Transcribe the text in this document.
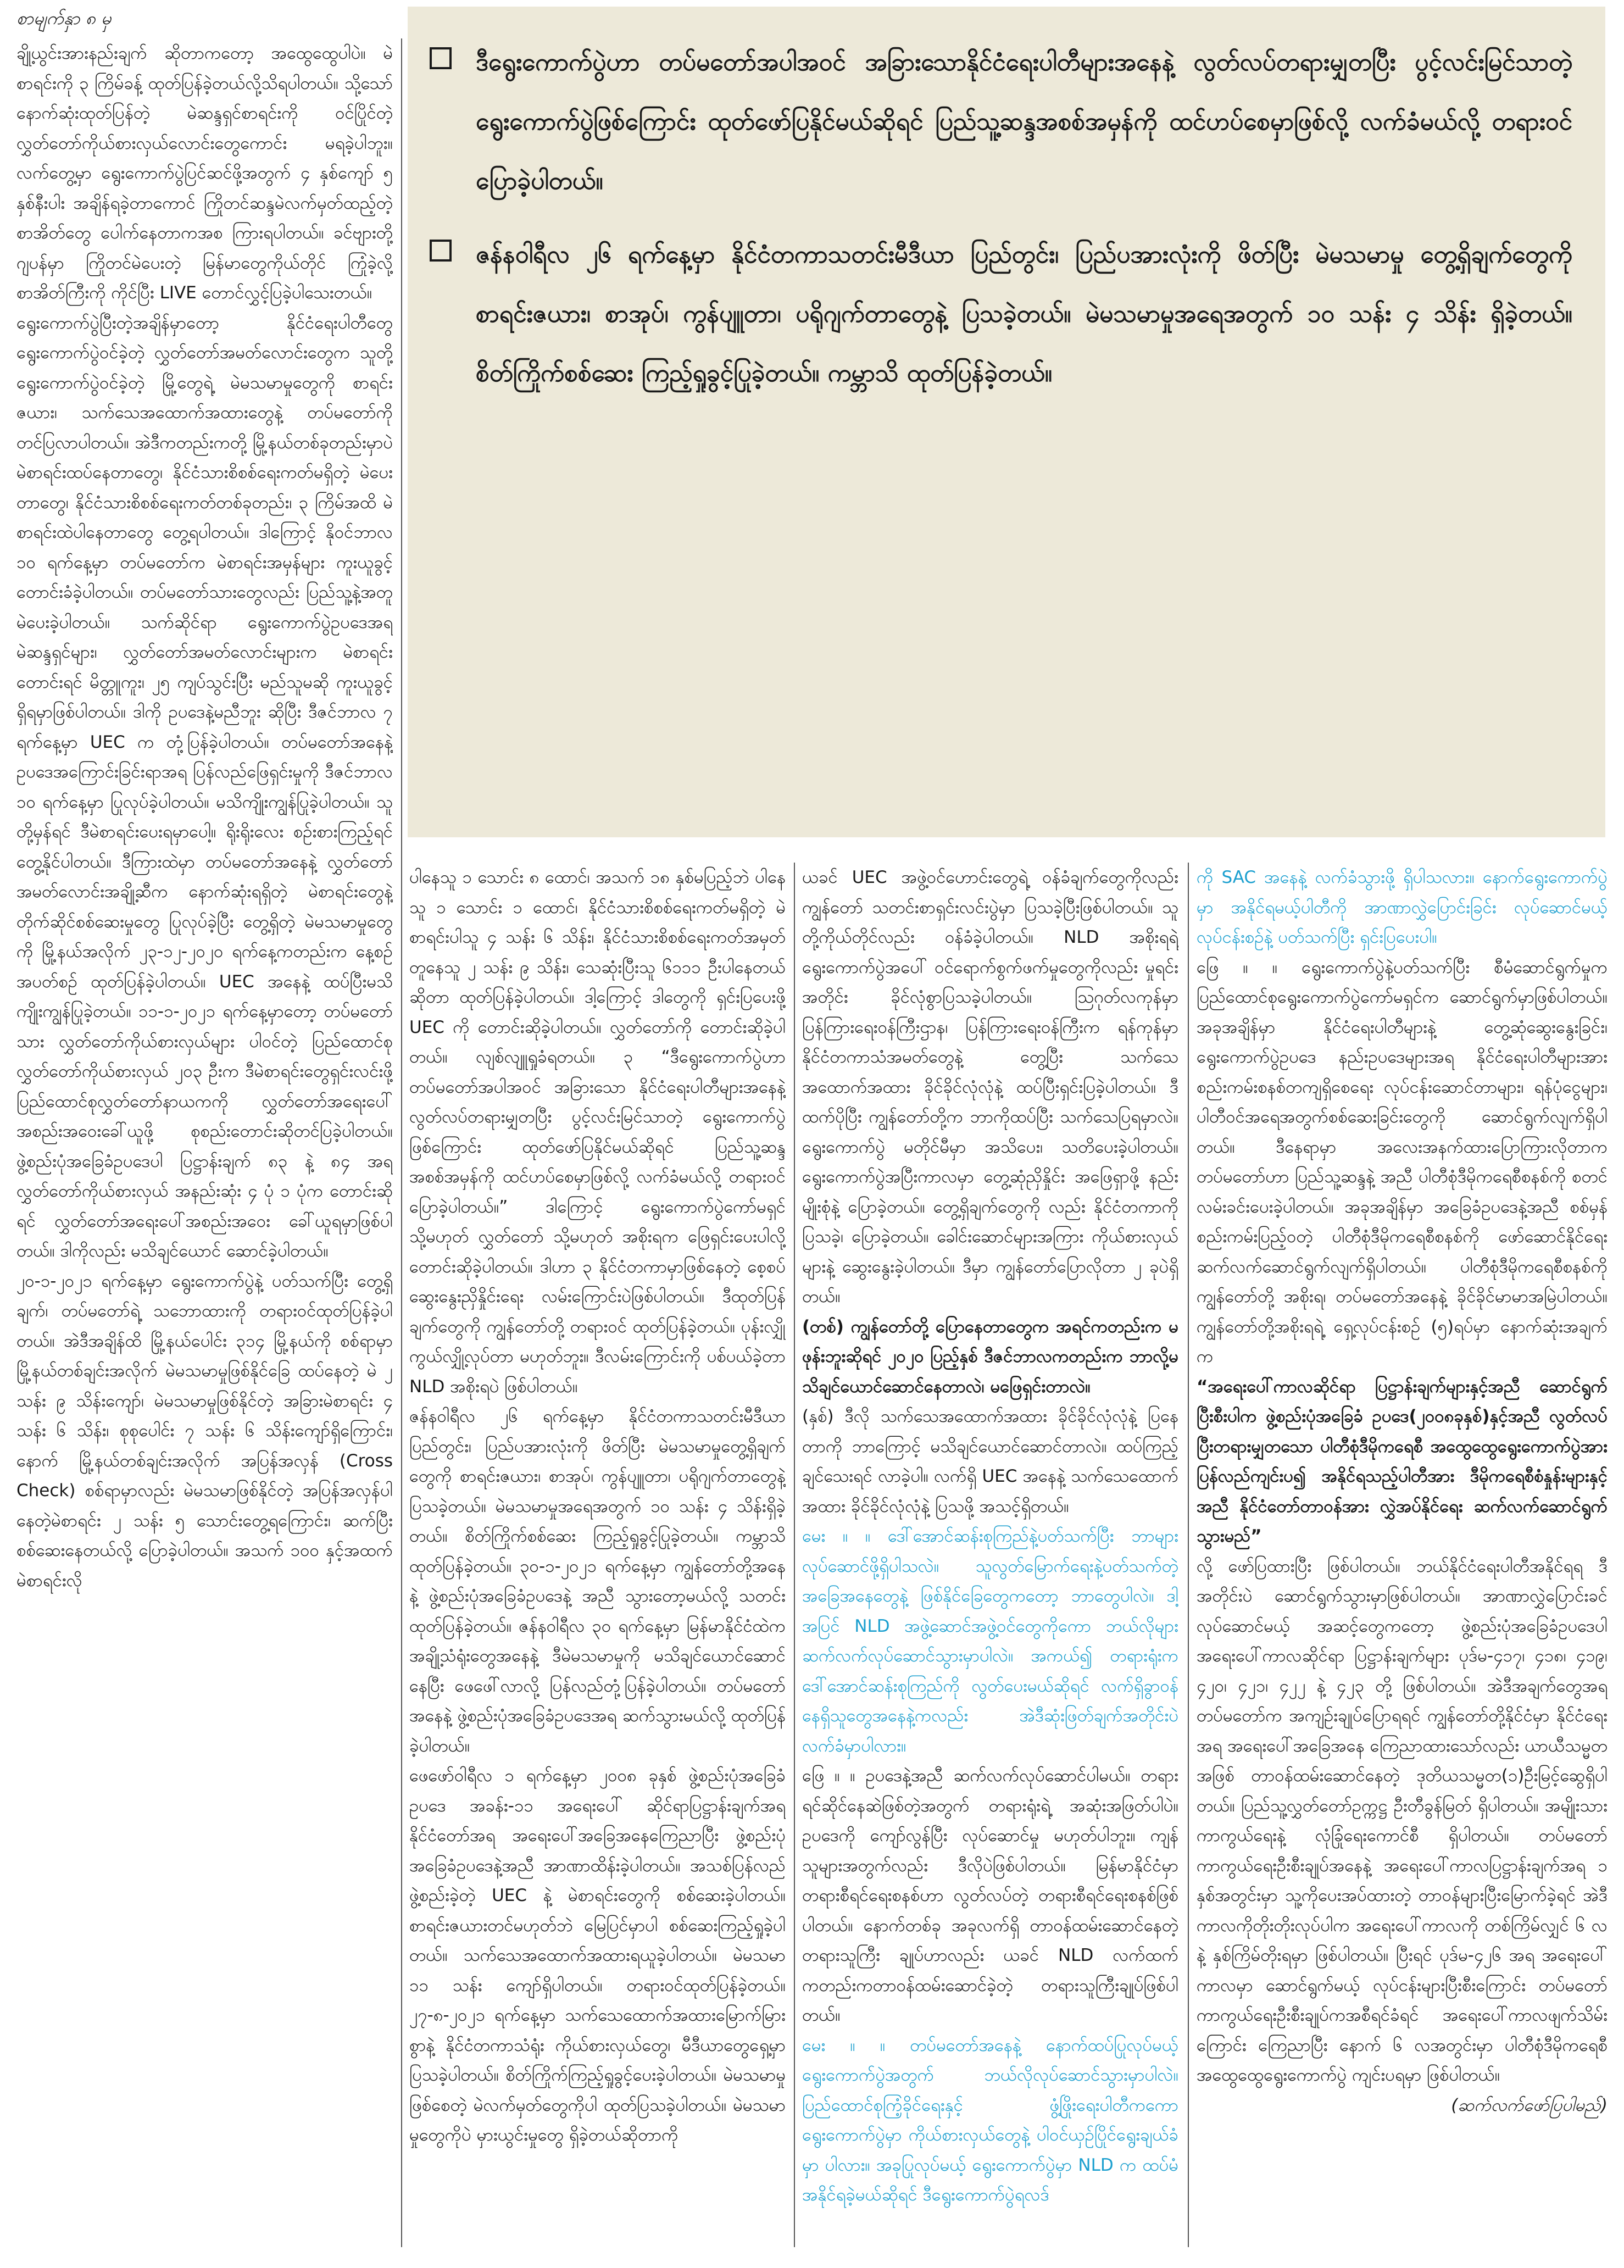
စာမျက်နှာ ၈ မှ
ဒီရွေးကောက်ပွဲဟာ တပ်မတော်အပါအဝင် အခြားသောနိုင်ငံရေးပါတီများအနေနဲ့ လွတ်လပ်တရားမျှတပြီး ပွင့်လင်းမြင်သာတဲ့ ရွေးကောက်ပွဲဖြစ်ကြောင်း ထုတ်ဖော်ပြနိုင်မယ်ဆိုရင် ပြည်သူ့ဆန္ဒအစစ်အမှန်ကို ထင်ဟပ်စေမှာဖြစ်လို့ လက်ခံမယ်လို့ တရားဝင်ပြောခဲ့ပါတယ်။
ဇန်နဝါရီလ ၂၆ ရက်နေ့မှာ နိုင်ငံတကာသတင်းမီဒီယာ ပြည်တွင်း၊ ပြည်ပအားလုံးကို ဖိတ်ပြီး မဲမသမာမှု တွေ့ရှိချက်တွေကို စာရင်းဇယား၊ စာအုပ်၊ ကွန်ပျူတာ၊ ပရိုဂျက်တာတွေနဲ့ ပြသခဲ့တယ်။ မဲမသမာမှုအရေအတွက် ၁၀ သန်း ၄ သိန်း ရှိခဲ့တယ်။ စိတ်ကြိုက်စစ်ဆေး ကြည့်ရှုခွင့်ပြုခဲ့တယ်။ ကမ္ဘာသိ ထုတ်ပြန်ခဲ့တယ်။

ချို့ယွင်းအားနည်းချက် ဆိုတာကတော့ အထွေထွေပါပဲ။ မဲစာရင်းကို ၃ ကြိမ်ခန့် ထုတ်ပြန်ခဲ့တယ်လို့သိရပါတယ်။ သို့သော်နောက်ဆုံးထုတ်ပြန်တဲ့ မဲဆန္ဒရှင်စာရင်းကို ဝင်ပြိုင်တဲ့ လွှတ်တော်ကိုယ်စားလှယ်လောင်းတွေကောင်း မရခဲ့ပါဘူး။ လက်တွေ့မှာ ရွေးကောက်ပွဲပြင်ဆင်ဖို့အတွက် ၄ နှစ်ကျော် ၅ နှစ်နီးပါး အချိန်ရခဲ့တာကောင် ကြိုတင်ဆန္ဒမဲလက်မှတ်ထည့်တဲ့ စာအိတ်တွေ ပေါက်နေတာကအစ ကြားရပါတယ်။ ခင်ဗျားတို့ ဂျပန်မှာ ကြိုတင်မဲပေးတဲ့ မြန်မာတွေကိုယ်တိုင် ကြုံခဲ့လို့ စာအိတ်ကြီးကို ကိုင်ပြီး LIVE တောင်လွှင့်ပြခဲ့ပါသေးတယ်။

ရွေးကောက်ပွဲပြီးတဲ့အချိန်မှာတော့ နိုင်ငံရေးပါတီတွေ ရွေးကောက်ပွဲဝင်ခဲ့တဲ့ လွှတ်တော်အမတ်လောင်းတွေက သူတို့ရွေးကောက်ပွဲဝင်ခဲ့တဲ့ မြို့တွေရဲ့ မဲမသမာမှုတွေကို စာရင်းဇယား၊ သက်သေအထောက်အထားတွေနဲ့ တပ်မတော်ကို တင်ပြလာပါတယ်။ အဲဒီကတည်းကတို့ မြို့နယ်တစ်ခုတည်းမှာပဲ မဲစာရင်းထပ်နေတာတွေ၊ နိုင်ငံသားစိစစ်ရေးကတ်မရှိတဲ့ မဲပေးတာတွေ၊ နိုင်ငံသားစိစစ်ရေးကတ်တစ်ခုတည်း၊ ၃ ကြိမ်အထိ မဲစာရင်းထဲပါနေတာတွေ တွေ့ရပါတယ်။ ဒါကြောင့် နိုဝင်ဘာလ ၁၀ ရက်နေ့မှာ တပ်မတော်က မဲစာရင်းအမှန်များ ကူးယူခွင့် တောင်းခံခဲ့ပါတယ်။ တပ်မတော်သားတွေလည်း ပြည်သူ့နဲ့အတူ မဲပေးခဲ့ပါတယ်။ သက်ဆိုင်ရာ ရွေးကောက်ပွဲဥပဒေအရ မဲဆန္ဒရှင်များ၊ လွှတ်တော်အမတ်လောင်းများက မဲစာရင်း တောင်းရင် မိတ္တူကူး၊ ၂၅ ကျပ်သွင်းပြီး မည်သူမဆို ကူးယူခွင့်ရှိရမှာဖြစ်ပါတယ်။ ဒါကို ဥပဒေနဲ့မညီဘူး ဆိုပြီး ဒီဇင်ဘာလ ၇ ရက်နေ့မှာ UEC က တုံ့ပြန်ခဲ့ပါတယ်။ တပ်မတော်အနေနဲ့ ဥပဒေအကြောင်းခြင်းရာအရ ပြန်လည်ဖြေရှင်းမှုကို ဒီဇင်ဘာလ ၁၀ ရက်နေ့မှာ ပြုလုပ်ခဲ့ပါတယ်။ မသိကျိုးကျွန်ပြုခဲ့ပါတယ်။ သူတို့မှန်ရင် ဒီမဲစာရင်းပေးရမှာပေါ့။ ရိုးရိုးလေး စဉ်းစားကြည့်ရင် တွေ့နိုင်ပါတယ်။ ဒီကြားထဲမှာ တပ်မတော်အနေနဲ့ လွှတ်တော်အမတ်လောင်းအချို့ဆီက နောက်ဆုံးရရှိတဲ့ မဲစာရင်းတွေနဲ့ တိုက်ဆိုင်စစ်ဆေးမှုတွေ ပြုလုပ်ခဲ့ပြီး တွေ့ရှိတဲ့ မဲမသမာမှုတွေကို မြို့နယ်အလိုက် ၂၃-၁၂-၂၀၂၀ ရက်နေ့ကတည်းက နေ့စဉ် အပတ်စဉ် ထုတ်ပြန်ခဲ့ပါတယ်။ UEC အနေနဲ့ ထပ်ပြီးမသိကျိုးကျွန်ပြုခဲ့တယ်။ ၁၁-၁-၂၀၂၁ ရက်နေ့မှာတော့ တပ်မတော်သား လွှတ်တော်ကိုယ်စားလှယ်များ ပါဝင်တဲ့ ပြည်ထောင်စုလွှတ်တော်ကိုယ်စားလှယ် ၂၀၃ ဦးက ဒီမဲစာရင်းတွေရှင်းလင်းဖို့ ပြည်ထောင်စုလွှတ်တော်နာယကကို လွှတ်တော်အရေးပေါ်အစည်းအဝေးခေါ်ယူဖို့ စုစည်းတောင်းဆိုတင်ပြခဲ့ပါတယ်။ ဖွဲ့စည်းပုံအခြေခံဥပဒေပါ ပြဋ္ဌာန်းချက် ၈၃ နဲ့ ၈၄ အရ လွှတ်တော်ကိုယ်စားလှယ် အနည်းဆုံး ၄ ပုံ ၁ ပုံက တောင်းဆိုရင် လွှတ်တော်အရေးပေါ်အစည်းအဝေး ခေါ်ယူရမှာဖြစ်ပါတယ်။ ဒါကိုလည်း မသိချင်ယောင် ဆောင်ခဲ့ပါတယ်။

၂၀-၁-၂၀၂၁ ရက်နေ့မှာ ရွေးကောက်ပွဲနဲ့ ပတ်သက်ပြီး တွေ့ရှိချက်၊ တပ်မတော်ရဲ့ သဘောထားကို တရားဝင်ထုတ်ပြန်ခဲ့ပါတယ်။ အဲဒီအချိန်ထိ မြို့နယ်ပေါင်း ၃၁၄ မြို့နယ်ကို စစ်ရာမှာ မြို့နယ်တစ်ချင်းအလိုက် မဲမသမာမှုဖြစ်နိုင်ခြေ ထပ်နေတဲ့ မဲ ၂ သန်း ၉ သိန်းကျော်၊ မဲမသမာမှုဖြစ်နိုင်တဲ့ အခြားမဲစာရင်း ၄ သန်း ၆ သိန်း၊ စုစုပေါင်း ၇ သန်း ၆ သိန်းကျော်ရှိကြောင်း၊ နောက် မြို့နယ်တစ်ချင်းအလိုက် အပြန်အလှန် (Cross Check) စစ်ရာမှာလည်း မဲမသမာဖြစ်နိုင်တဲ့ အပြန်အလှန်ပါနေတဲ့မဲစာရင်း ၂ သန်း ၅ သောင်းတွေ့ရကြောင်း၊ ဆက်ပြီး စစ်ဆေးနေတယ်လို့ ပြောခဲ့ပါတယ်။ အသက် ၁၀၀ နှင့်အထက် မဲစာရင်းလို

ပါနေသူ ၁ သောင်း ၈ ထောင်၊ အသက် ၁၈ နှစ်မပြည့်ဘဲ ပါနေသူ ၁ သောင်း ၁ ထောင်၊ နိုင်ငံသားစိစစ်ရေးကတ်မရှိတဲ့ မဲစာရင်းပါသူ ၄ သန်း ၆ သိန်း၊ နိုင်ငံသားစိစစ်ရေးကတ်အမှတ် တူနေသူ ၂ သန်း ၉ သိန်း၊ သေဆုံးပြီးသူ ၆၁၁၁ ဦးပါနေတယ်ဆိုတာ ထုတ်ပြန်ခဲ့ပါတယ်။ ဒါ့ကြောင့် ဒါတွေကို ရှင်းပြပေးဖို့ UEC ကို တောင်းဆိုခဲ့ပါတယ်။ လွှတ်တော်ကို တောင်းဆိုခဲ့ပါတယ်။ လျစ်လျူရှုခံရတယ်။ ၃ “ဒီရွေးကောက်ပွဲဟာ တပ်မတော်အပါအဝင် အခြားသော နိုင်ငံရေးပါတီများအနေနဲ့ လွတ်လပ်တရားမျှတပြီး ပွင့်လင်းမြင်သာတဲ့ ရွေးကောက်ပွဲဖြစ်ကြောင်း ထုတ်ဖော်ပြနိုင်မယ်ဆိုရင် ပြည်သူ့ဆန္ဒ အစစ်အမှန်ကို ထင်ဟပ်စေမှာဖြစ်လို့ လက်ခံမယ်လို့ တရားဝင်ပြောခဲ့ပါတယ်။” ဒါကြောင့် ရွေးကောက်ပွဲကော်မရှင် သို့မဟုတ် လွှတ်တော် သို့မဟုတ် အစိုးရက ဖြေရှင်းပေးပါလို့ တောင်းဆိုခဲ့ပါတယ်။ ဒါဟာ ၃ နိုင်ငံတကာမှာဖြစ်နေတဲ့ စေ့စပ်ဆွေးနွေးညှိနှိုင်းရေး လမ်းကြောင်းပဲဖြစ်ပါတယ်။ ဒီထုတ်ပြန်ချက်တွေကို ကျွန်တော်တို့ တရားဝင် ထုတ်ပြန်ခဲ့တယ်။ ပုန်းလျှို့ကွယ်လျှို့လုပ်တာ မဟုတ်ဘူး။ ဒီလမ်းကြောင်းကို ပစ်ပယ်ခဲ့တာ NLD အစိုးရပဲ ဖြစ်ပါတယ်။

ဇန်နဝါရီလ ၂၆ ရက်နေ့မှာ နိုင်ငံတကာသတင်းမီဒီယာ ပြည်တွင်း၊ ပြည်ပအားလုံးကို ဖိတ်ပြီး မဲမသမာမှုတွေ့ရှိချက်တွေကို စာရင်းဇယား၊ စာအုပ်၊ ကွန်ပျူတာ၊ ပရိုဂျက်တာတွေနဲ့ ပြသခဲ့တယ်။ မဲမသမာမှုအရေအတွက် ၁၀ သန်း ၄ သိန်းရှိခဲ့တယ်။ စိတ်ကြိုက်စစ်ဆေး ကြည့်ရှုခွင့်ပြုခဲ့တယ်။ ကမ္ဘာသိ ထုတ်ပြန်ခဲ့တယ်။ ၃၀-၁-၂၀၂၁ ရက်နေ့မှာ ကျွန်တော်တို့အနေနဲ့ ဖွဲ့စည်းပုံအခြေခံဥပဒေနဲ့ အညီ သွားတော့မယ်လို့ သတင်းထုတ်ပြန်ခဲ့တယ်။ ဇန်နဝါရီလ ၃၀ ရက်နေ့မှာ မြန်မာနိုင်ငံထဲက အချို့သံရုံးတွေအနေနဲ့ ဒီမဲမသမာမှုကို မသိချင်ယောင်ဆောင်နေပြီး ဖေဖေါ်လာလို့ ပြန်လည်တုံ့ပြန်ခဲ့ပါတယ်။ တပ်မတော်အနေနဲ့ ဖွဲ့စည်းပုံအခြေခံဥပဒေအရ ဆက်သွားမယ်လို့ ထုတ်ပြန်ခဲ့ပါတယ်။

ဖေဖော်ဝါရီလ ၁ ရက်နေ့မှာ ၂၀၀၈ ခုနှစ် ဖွဲ့စည်းပုံအခြေခံဥပဒေ အခန်း-၁၁ အရေးပေါ် ဆိုင်ရာပြဋ္ဌာန်းချက်အရ နိုင်ငံတော်အရ အရေးပေါ်အခြေအနေကြေညာပြီး ဖွဲ့စည်းပုံအခြေခံဥပဒေနဲ့အညီ အာဏာထိန်းခဲ့ပါတယ်။ အသစ်ပြန်လည်ဖွဲ့စည်းခဲ့တဲ့ UEC နဲ့ မဲစာရင်းတွေကို စစ်ဆေးခဲ့ပါတယ်။ စာရင်းဇယားတင်မဟုတ်ဘဲ မြေပြင်မှာပါ စစ်ဆေးကြည့်ရှုခဲ့ပါတယ်။ သက်သေအထောက်အထားရယူခဲ့ပါတယ်။ မဲမသမာ ၁၁ သန်း ကျော်ရှိပါတယ်။ တရားဝင်ထုတ်ပြန်ခဲ့တယ်။ ၂၇-၈-၂၀၂၁ ရက်နေ့မှာ သက်သေထောက်အထားမြောက်မြားစွာနဲ့ နိုင်ငံတကာသံရုံး ကိုယ်စားလှယ်တွေ၊ မီဒီယာတွေရှေ့မှာ ပြသခဲ့ပါတယ်။ စိတ်ကြိုက်ကြည့်ရှုခွင့်ပေးခဲ့ပါတယ်။ မဲမသမာမှုဖြစ်စေတဲ့ မဲလက်မှတ်တွေကိုပါ ထုတ်ပြသခဲ့ပါတယ်။ မဲမသမာမှုတွေကိုပဲ မှားယွင်းမှုတွေ ရှိခဲ့တယ်ဆိုတာကို

ယခင် UEC အဖွဲ့ဝင်ဟောင်းတွေရဲ့ ဝန်ခံချက်တွေကိုလည်း ကျွန်တော် သတင်းစာရှင်းလင်းပွဲမှာ ပြသခဲ့ပြီးဖြစ်ပါတယ်။ သူတို့ကိုယ်တိုင်လည်း ဝန်ခံခဲ့ပါတယ်။ NLD အစိုးရရဲ့ ရွေးကောက်ပွဲအပေါ် ဝင်ရောက်စွက်ဖက်မှုတွေကိုလည်း မှုရင်းအတိုင်း ခိုင်လုံစွာပြသခဲ့ပါတယ်။ ဩဂုတ်လကုန်မှာ ပြန်ကြားရေးဝန်ကြီးဌာန၊ ပြန်ကြားရေးဝန်ကြီးက ရန်ကုန်မှာ နိုင်ငံတကာသံအမတ်တွေနဲ့ တွေ့ပြီး သက်သေအထောက်အထား ခိုင်ခိုင်လုံလုံနဲ့ ထပ်ပြီးရှင်းပြခဲ့ပါတယ်။ ဒီထက်ပိုပြီး ကျွန်တော်တို့က ဘာကိုထပ်ပြီး သက်သေပြရမှာလဲ။ ရွေးကောက်ပွဲ မတိုင်မီမှာ အသိပေး၊ သတိပေးခဲ့ပါတယ်။ ရွေးကောက်ပွဲအပြီးကာလမှာ တွေ့ဆုံညှိနှိုင်း အဖြေရှာဖို့ နည်းမျိုးစုံနဲ့ ပြောခဲ့တယ်။ တွေ့ရှိချက်တွေကို လည်း နိုင်ငံတကာကို ပြသခဲ့၊ ပြောခဲ့တယ်။ ခေါင်းဆောင်များအကြား ကိုယ်စားလှယ်များနဲ့ ဆွေးနွေးခဲ့ပါတယ်။ ဒီမှာ ကျွန်တော်ပြောလိုတာ ၂ ခုပဲရှိတယ်။

(တစ်) ကျွန်တော်တို့ ပြောနေတာတွေက အရင်ကတည်းက မဖုန်းဘူးဆိုရင် ၂၀၂၀ ပြည့်နှစ် ဒီဇင်ဘာလကတည်းက ဘာလို့မသိချင်ယောင်ဆောင်နေတာလဲ၊ မဖြေရှင်းတာလဲ။

(နှစ်) ဒီလို သက်သေအထောက်အထား ခိုင်ခိုင်လုံလုံနဲ့ ပြနေတာကို ဘာကြောင့် မသိချင်ယောင်ဆောင်တာလဲ။ ထပ်ကြည့်ချင်သေးရင် လာခဲ့ပါ။ လက်ရှိ UEC အနေနဲ့ သက်သေထောက်အထား ခိုင်ခိုင်လုံလုံနဲ့ ပြသဖို့ အသင့်ရှိတယ်။

မေး ။ ။ ဒေါ်အောင်ဆန်းစုကြည်နဲ့ပတ်သက်ပြီး ဘာများလုပ်ဆောင်ဖို့ရှိပါသလဲ။ သူလွတ်မြောက်ရေးနဲ့ပတ်သက်တဲ့ အခြေအနေတွေနဲ့ ဖြစ်နိုင်ခြေတွေကတော့ ဘာတွေပါလဲ။ ဒါ့အပြင် NLD အဖွဲ့ဆောင်အဖွဲ့ဝင်တွေကိုကော ဘယ်လိုများ ဆက်လက်လုပ်ဆောင်သွားမှာပါလဲ။ အကယ်၍ တရားရုံးက ဒေါ်အောင်ဆန်းစုကြည်ကို လွတ်ပေးမယ်ဆိုရင် လက်ရှိခွာဝန်နေရှိသူတွေအနေနဲ့ကလည်း အဲဒီဆုံးဖြတ်ချက်အတိုင်းပဲ လက်ခံမှာပါလား။

ဖြေ ။ ။ ဥပဒေနဲ့အညီ ဆက်လက်လုပ်ဆောင်ပါမယ်။ တရားရင်ဆိုင်နေဆဲဖြစ်တဲ့အတွက် တရားရုံးရဲ့ အဆုံးအဖြတ်ပါပဲ။ ဥပဒေကို ကျော်လွန်ပြီး လုပ်ဆောင်မှု မဟုတ်ပါဘူး။ ကျန်သူများအတွက်လည်း ဒီလိုပဲဖြစ်ပါတယ်။ မြန်မာနိုင်ငံမှာ တရားစီရင်ရေးစနစ်ဟာ လွတ်လပ်တဲ့ တရားစီရင်ရေးစနစ်ဖြစ်ပါတယ်။ နောက်တစ်ခု အခုလက်ရှိ တာဝန်ထမ်းဆောင်နေတဲ့ တရားသူကြီး ချုပ်ဟာလည်း ယခင် NLD လက်ထက်ကတည်းကတာဝန်ထမ်းဆောင်ခဲ့တဲ့ တရားသူကြီးချုပ်ဖြစ်ပါတယ်။

မေး ။ ။ တပ်မတော်အနေနဲ့ နောက်ထပ်ပြုလုပ်မယ့် ရွေးကောက်ပွဲအတွက် ဘယ်လိုလုပ်ဆောင်သွားမှာပါလဲ။ ပြည်ထောင်စုကြံ့ခိုင်ရေးနှင့် ဖွံ့ဖြိုးရေးပါတီကကော ရွေးကောက်ပွဲမှာ ကိုယ်စားလှယ်တွေနဲ့ ပါဝင်ယှဉ်ပြိုင်ရွေးချယ်ခံမှာ ပါလား။ အခုပြုလုပ်မယ့် ရွေးကောက်ပွဲမှာ NLD က ထပ်မံအနိုင်ရခဲ့မယ်ဆိုရင် ဒီရွေးကောက်ပွဲရလဒ်

ကို SAC အနေနဲ့ လက်ခံသွားဖို့ ရှိပါသလား။ နောက်ရွေးကောက်ပွဲမှာ အနိုင်ရမယ့်ပါတီကို အာဏာလွှဲပြောင်းခြင်း လုပ်ဆောင်မယ့် လုပ်ငန်းစဉ်နဲ့ ပတ်သက်ပြီး ရှင်းပြပေးပါ။

ဖြေ ။ ။ ရွေးကောက်ပွဲနဲ့ပတ်သက်ပြီး စီမံဆောင်ရွက်မှုက ပြည်ထောင်စုရွေးကောက်ပွဲကော်မရှင်က ဆောင်ရွက်မှာဖြစ်ပါတယ်။ အခုအချိန်မှာ နိုင်ငံရေးပါတီများနဲ့ တွေ့ဆုံဆွေးနွေးခြင်း၊ ရွေးကောက်ပွဲဥပဒေ နည်းဥပဒေများအရ နိုင်ငံရေးပါတီများအား စည်းကမ်းစနစ်တကျရှိစေရေး လုပ်ငန်းဆောင်တာများ၊ ရန်ပုံငွေများ၊ ပါတီဝင်အရေအတွက်စစ်ဆေးခြင်းတွေကို ဆောင်ရွက်လျက်ရှိပါတယ်။ ဒီနေရာမှာ အလေးအနက်ထားပြောကြားလိုတာက တပ်မတော်ဟာ ပြည်သူ့ဆန္ဒနဲ့ အညီ ပါတီစုံဒီမိုကရေစီစနစ်ကို စတင်လမ်းခင်းပေးခဲ့ပါတယ်။ အခုအချိန်မှာ အခြေခံဥပဒေနဲ့အညီ စစ်မှန်စည်းကမ်းပြည့်ဝတဲ့ ပါတီစုံဒီမိုကရေစီစနစ်ကို ဖော်ဆောင်နိုင်ရေး ဆက်လက်ဆောင်ရွက်လျက်ရှိပါတယ်။ ပါတီစုံဒီမိုကရေစီစနစ်ကို ကျွန်တော်တို့ အစိုးရ၊ တပ်မတော်အနေနဲ့ ခိုင်ခိုင်မာမာအမြဲပါတယ်။ ကျွန်တော်တို့အစိုးရရဲ့ ရှေ့လုပ်ငန်းစဉ် (၅)ရပ်မှာ နောက်ဆုံးအချက်က

“အရေးပေါ်ကာလဆိုင်ရာ ပြဋ္ဌာန်းချက်များနှင့်အညီ ဆောင်ရွက်ပြီးစီးပါက ဖွဲ့စည်းပုံအခြေခံ ဥပဒေ(၂၀၀၈ခုနှစ်)နှင့်အညီ လွတ်လပ်ပြီးတရားမျှတသော ပါတီစုံဒီမိုကရေစီ အထွေထွေရွေးကောက်ပွဲအား ပြန်လည်ကျင်းပ၍ အနိုင်ရသည့်ပါတီအား ဒီမိုကရေစီစံနှုန်းများနှင့်အညီ နိုင်ငံတော်တာဝန်အား လွှဲအပ်နိုင်ရေး ဆက်လက်ဆောင်ရွက်သွားမည်”

လို့ ဖော်ပြထားပြီး ဖြစ်ပါတယ်။ ဘယ်နိုင်ငံရေးပါတီအနိုင်ရရ ဒီအတိုင်းပဲ ဆောင်ရွက်သွားမှာဖြစ်ပါတယ်။ အာဏာလွှဲပြောင်းခင် လုပ်ဆောင်မယ့် အဆင့်တွေကတော့ ဖွဲ့စည်းပုံအခြေခံဥပဒေပါ အရေးပေါ်ကာလဆိုင်ရာ ပြဋ္ဌာန်းချက်များ ပုဒ်မ-၄၁၇၊ ၄၁၈၊ ၄၁၉၊ ၄၂၀၊ ၄၂၁၊ ၄၂၂ နဲ့ ၄၂၃ တို့ ဖြစ်ပါတယ်။ အဲဒီအချက်တွေအရ တပ်မတော်က အကျဉ်းချုပ်ပြောရရင် ကျွန်တော်တို့နိုင်ငံမှာ နိုင်ငံရေးအရ အရေးပေါ်အခြေအနေ ကြေညာထားသော်လည်း ယာယီသမ္မတအဖြစ် တာဝန်ထမ်းဆောင်နေတဲ့ ဒုတိယသမ္မတ(၁)ဦးမြင့်ဆွေရှိပါတယ်။ ပြည်သူ့လွှတ်တော်ဥက္ကဋ္ဌ ဦးတီခွန်မြတ် ရှိပါတယ်။ အမျိုးသားကာကွယ်ရေးနဲ့ လုံခြုံရေးကောင်စီ ရှိပါတယ်။ တပ်မတော် ကာကွယ်ရေးဦးစီးချုပ်အနေနဲ့ အရေးပေါ်ကာလပြဋ္ဌာန်းချက်အရ ၁ နှစ်အတွင်းမှာ သူ့ကိုပေးအပ်ထားတဲ့ တာဝန်များပြီးမြောက်ခဲ့ရင် အဲဒီကာလကိုတိုးတိုးလုပ်ပါက အရေးပေါ်ကာလကို တစ်ကြိမ်လျှင် ၆ လနဲ့ နှစ်ကြိမ်တိုးရမှာ ဖြစ်ပါတယ်။ ပြီးရင် ပုဒ်မ-၄၂၆ အရ အရေးပေါ်ကာလမှာ ဆောင်ရွက်မယ့် လုပ်ငန်းများပြီးစီးကြောင်း တပ်မတော်ကာကွယ်ရေးဦးစီးချုပ်ကအစီရင်ခံရင် အရေးပေါ်ကာလဖျက်သိမ်းကြောင်း ကြေညာပြီး နောက် ၆ လအတွင်းမှာ ပါတီစုံဒီမိုကရေစီအထွေထွေရွေးကောက်ပွဲ ကျင်းပရမှာ ဖြစ်ပါတယ်။

(ဆက်လက်ဖော်ပြပါမည်)
